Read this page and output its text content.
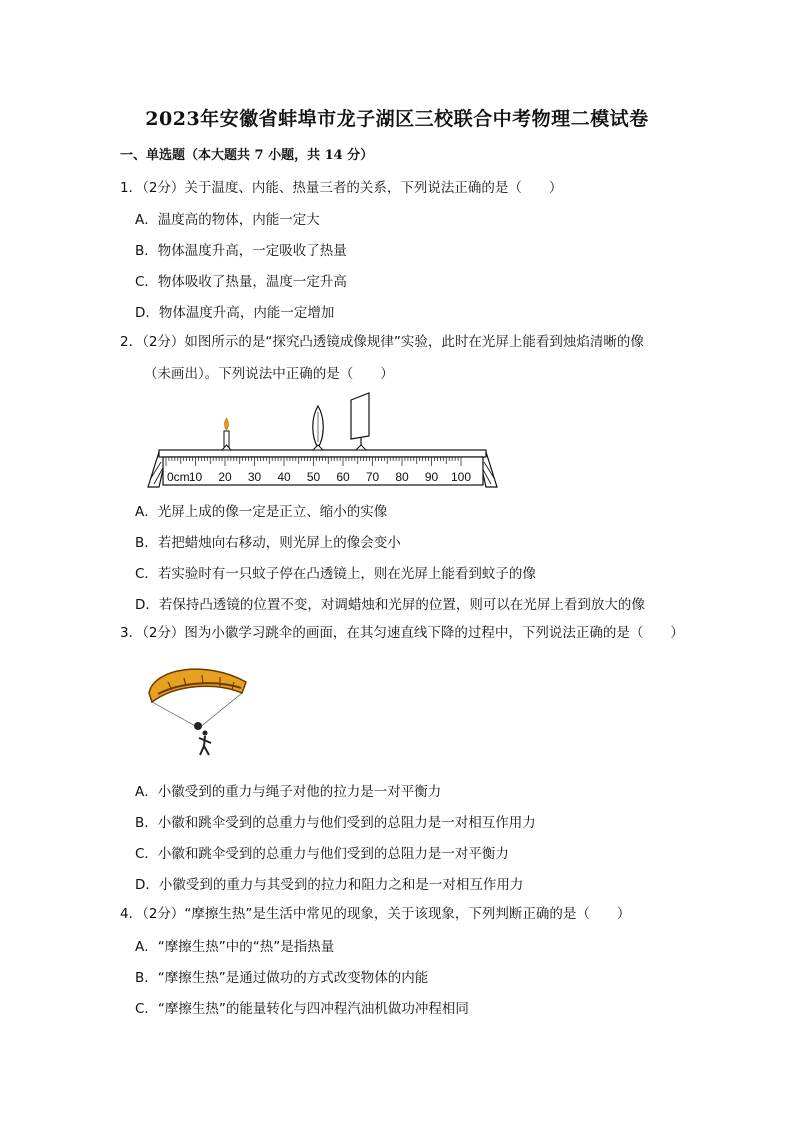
2023年安徽省蚌埠市龙子湖区三校联合中考物理二模试卷
一、单选题（本大题共 7 小题，共 14 分）
1．（2分）关于温度、内能、热量三者的关系，下列说法正确的是（　　）
A．温度高的物体，内能一定大
B．物体温度升高，一定吸收了热量
C．物体吸收了热量，温度一定升高
D．物体温度升高，内能一定增加
2．（2分）如图所示的是“探究凸透镜成像规律”实验，此时在光屏上能看到烛焰清晰的像
（未画出）。下列说法中正确的是（　　）
0cm 10 20 30 40 50 60 70 80 90 100
A．光屏上成的像一定是正立、缩小的实像
B．若把蜡烛向右移动，则光屏上的像会变小
C．若实验时有一只蚊子停在凸透镜上，则在光屏上能看到蚊子的像
D．若保持凸透镜的位置不变，对调蜡烛和光屏的位置，则可以在光屏上看到放大的像
3．（2分）图为小徽学习跳伞的画面，在其匀速直线下降的过程中，下列说法正确的是（　　）
A．小徽受到的重力与绳子对他的拉力是一对平衡力
B．小徽和跳伞受到的总重力与他们受到的总阻力是一对相互作用力
C．小徽和跳伞受到的总重力与他们受到的总阻力是一对平衡力
D．小徽受到的重力与其受到的拉力和阻力之和是一对相互作用力
4．（2分）“摩擦生热”是生活中常见的现象，关于该现象，下列判断正确的是（　　）
A．“摩擦生热”中的“热”是指热量
B．“摩擦生热”是通过做功的方式改变物体的内能
C．“摩擦生热”的能量转化与四冲程汽油机做功冲程相同
